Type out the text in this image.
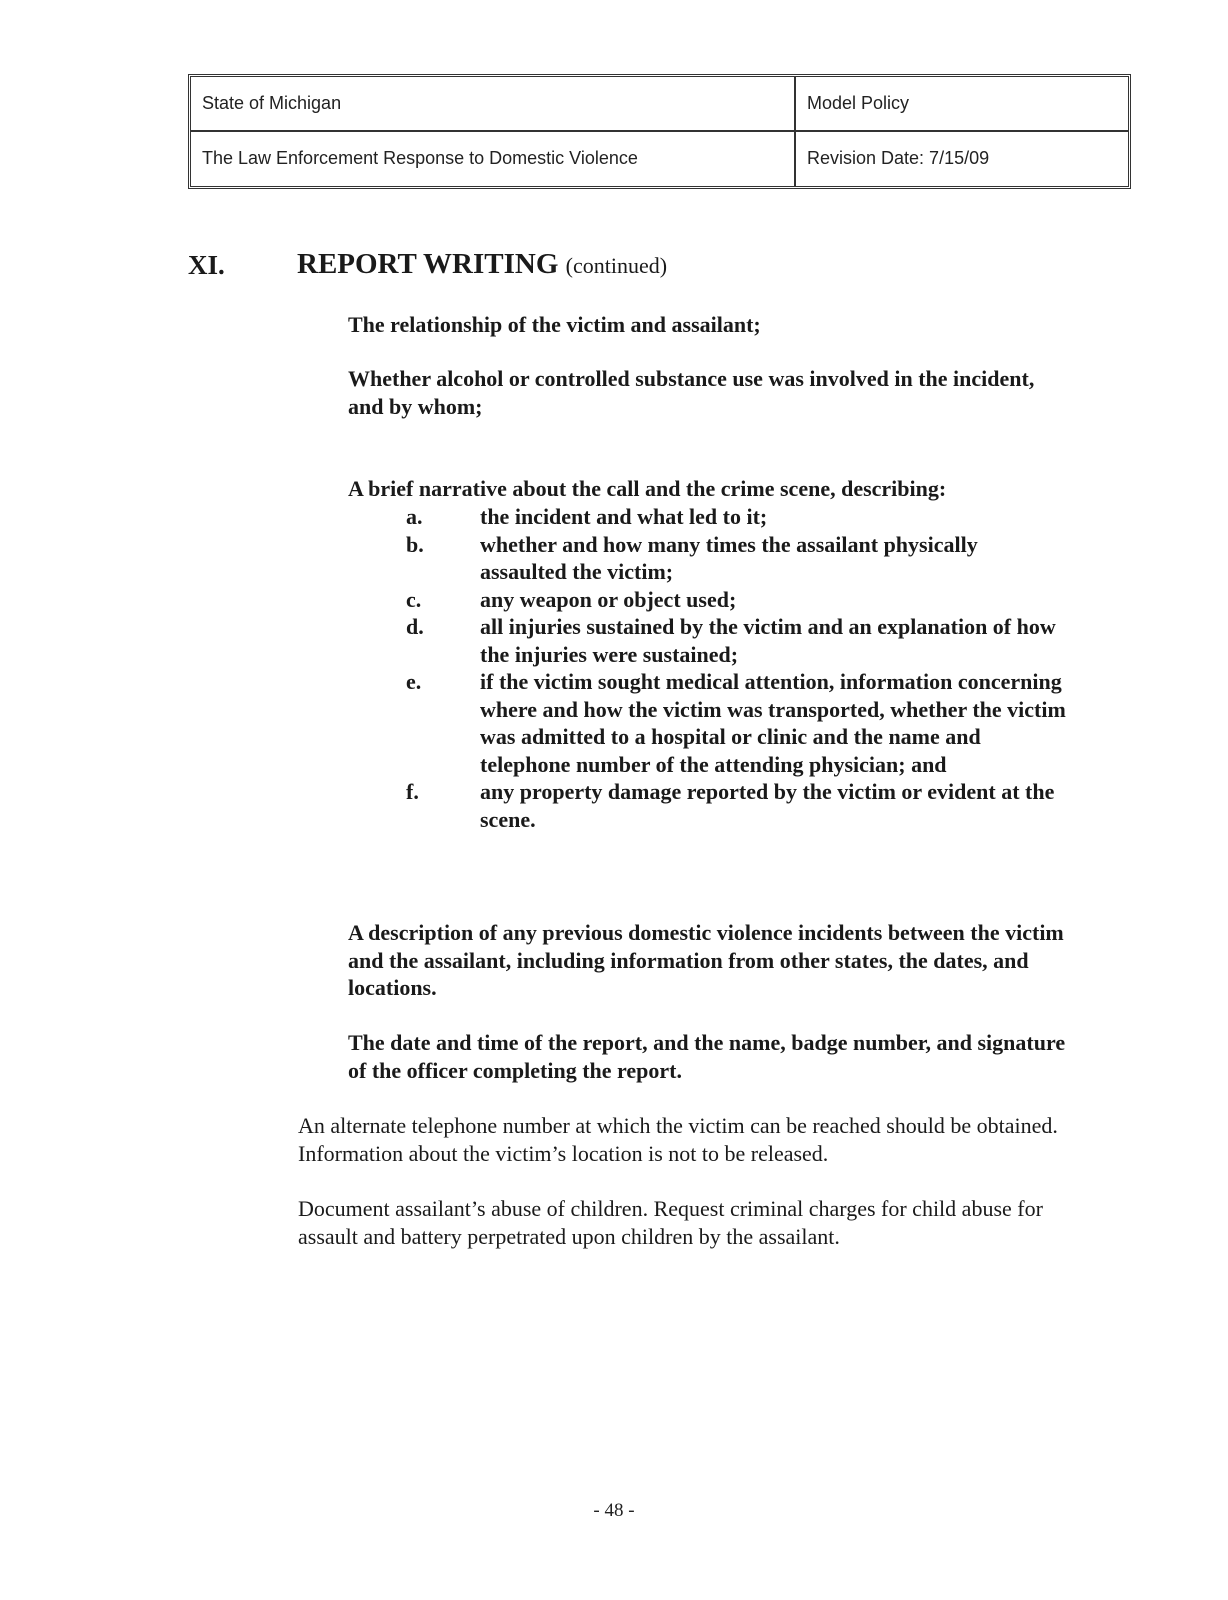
State of Michigan	Model Policy
The Law Enforcement Response to Domestic Violence	Revision Date: 7/15/09
XI. REPORT WRITING (continued)
The relationship of the victim and assailant;
Whether alcohol or controlled substance use was involved in the incident, and by whom;
A brief narrative about the call and the crime scene, describing:
a.	the incident and what led to it;
b.	whether and how many times the assailant physically assaulted the victim;
c.	any weapon or object used;
d.	all injuries sustained by the victim and an explanation of how the injuries were sustained;
e.	if the victim sought medical attention, information concerning where and how the victim was transported, whether the victim was admitted to a hospital or clinic and the name and telephone number of the attending physician; and
f.	any property damage reported by the victim or evident at the scene.
A description of any previous domestic violence incidents between the victim and the assailant, including information from other states, the dates, and locations.
The date and time of the report, and the name, badge number, and signature of the officer completing the report.
An alternate telephone number at which the victim can be reached should be obtained. Information about the victim’s location is not to be released.
Document assailant’s abuse of children. Request criminal charges for child abuse for assault and battery perpetrated upon children by the assailant.
- 48 -
